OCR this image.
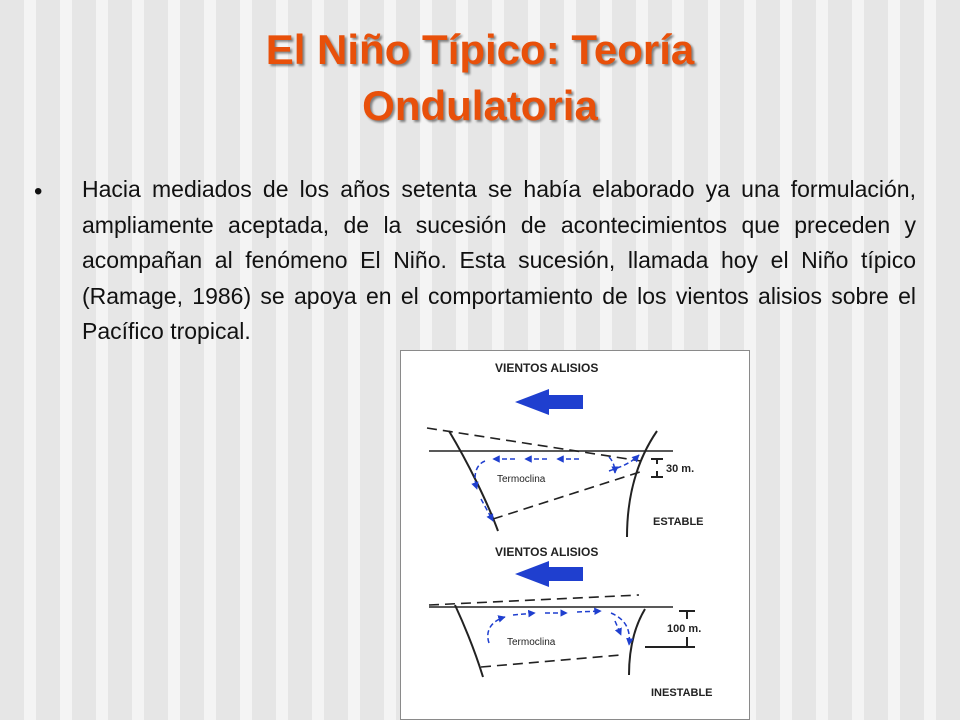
El Niño Típico: Teoría
Ondulatoria
• Hacia mediados de los años setenta se había elaborado ya una formulación, ampliamente aceptada, de la sucesión de acontecimientos que preceden y acompañan al fenómeno El Niño. Esta sucesión, llamada hoy el Niño típico (Ramage, 1986) se apoya en el comportamiento de los vientos alisios sobre el Pacífico tropical.
VIENTOS ALISIOS
Termoclina
30 m.
ESTABLE
VIENTOS ALISIOS
Termoclina
100 m.
INESTABLE
